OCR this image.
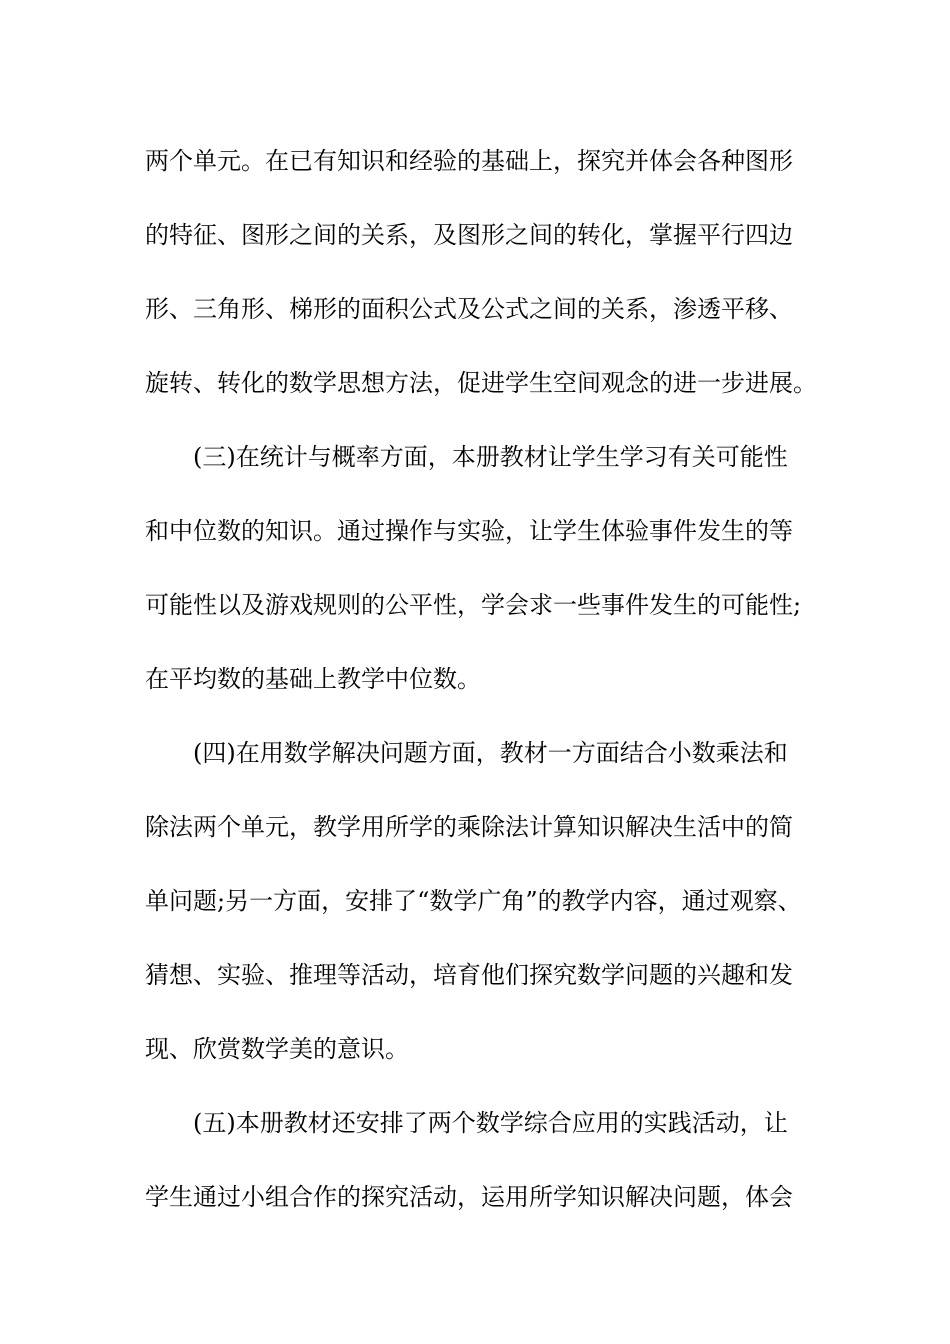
两个单元。在已有知识和经验的基础上，探究并体会各种图形
的特征、图形之间的关系，及图形之间的转化，掌握平行四边
形、三角形、梯形的面积公式及公式之间的关系，渗透平移、
旋转、转化的数学思想方法，促进学生空间观念的进一步进展。
(三)在统计与概率方面，本册教材让学生学习有关可能性
和中位数的知识。通过操作与实验，让学生体验事件发生的等
可能性以及游戏规则的公平性，学会求一些事件发生的可能性;
在平均数的基础上教学中位数。
(四)在用数学解决问题方面，教材一方面结合小数乘法和
除法两个单元，教学用所学的乘除法计算知识解决生活中的简
单问题;另一方面，安排了“数学广角”的教学内容，通过观察、
猜想、实验、推理等活动，培育他们探究数学问题的兴趣和发
现、欣赏数学美的意识。
(五)本册教材还安排了两个数学综合应用的实践活动，让
学生通过小组合作的探究活动，运用所学知识解决问题，体会
